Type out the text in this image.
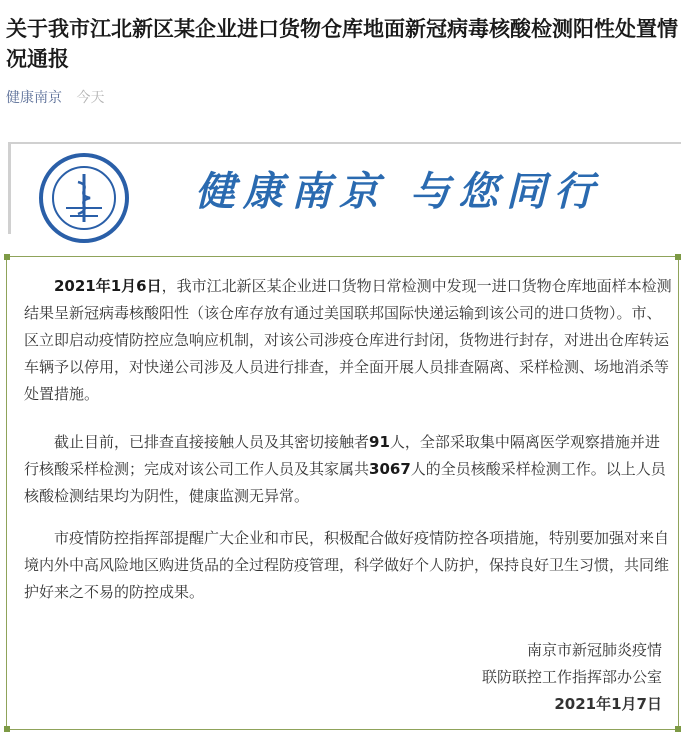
关于我市江北新区某企业进口货物仓库地面新冠病毒核酸检测阳性处置情况通报
健康南京 今天
健康南京 与您同行

2021年1月6日，我市江北新区某企业进口货物日常检测中发现一进口货物仓库地面样本检测结果呈新冠病毒核酸阳性（该仓库存放有通过美国联邦国际快递运输到该公司的进口货物）。市、区立即启动疫情防控应急响应机制，对该公司涉疫仓库进行封闭，货物进行封存，对进出仓库转运车辆予以停用，对快递公司涉及人员进行排查，并全面开展人员排查隔离、采样检测、场地消杀等处置措施。

截止目前，已排查直接接触人员及其密切接触者91人，全部采取集中隔离医学观察措施并进行核酸采样检测；完成对该公司工作人员及其家属共3067人的全员核酸采样检测工作。以上人员核酸检测结果均为阴性，健康监测无异常。

市疫情防控指挥部提醒广大企业和市民，积极配合做好疫情防控各项措施，特别要加强对来自境内外中高风险地区购进货品的全过程防疫管理，科学做好个人防护，保持良好卫生习惯，共同维护好来之不易的防控成果。

南京市新冠肺炎疫情

联防联控工作指挥部办公室

2021年1月7日
